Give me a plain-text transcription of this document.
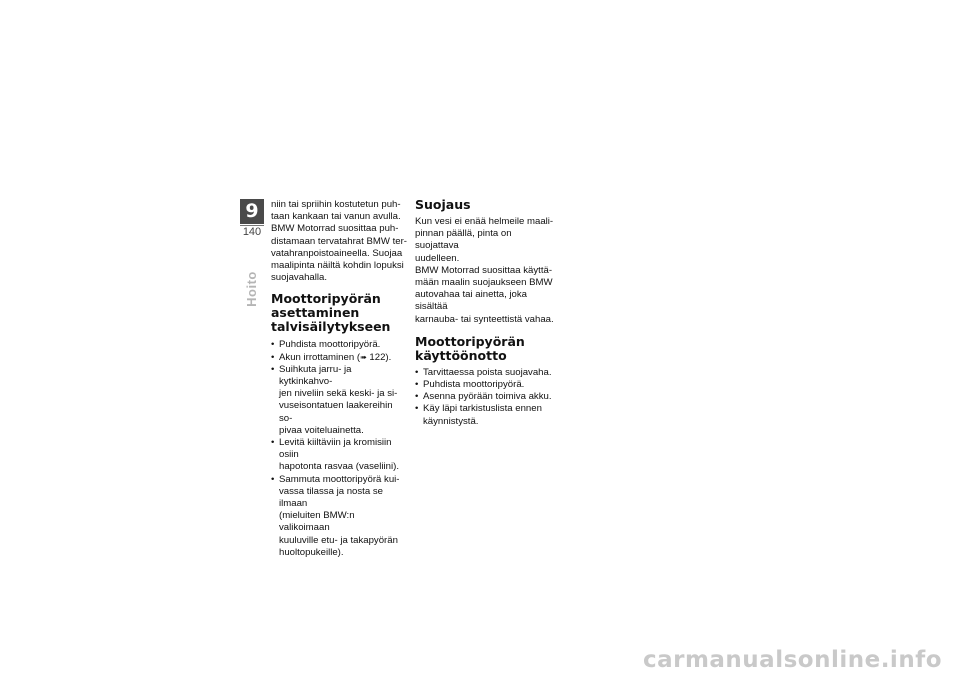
9
140
Hoito

niin tai spriihin kostutetun puh-
taan kankaan tai vanun avulla.
BMW Motorrad suosittaa puh-
distamaan tervatahrat BMW ter-
vatahranpoistoaineella. Suojaa
maalipinta näiltä kohdin lopuksi
suojavahalla.

Moottoripyörän
asettaminen
talvisäilytykseen
• Puhdista moottoripyörä.
• Akun irrottaminen (➠ 122).
• Suihkuta jarru- ja kytkinkahvo-
jen niveliin sekä keski- ja si-
vuseisontatuen laakereihin so-
pivaa voiteluainetta.
• Levitä kiiltäviin ja kromisiin osiin
hapotonta rasvaa (vaseliini).
• Sammuta moottoripyörä kui-
vassa tilassa ja nosta se ilmaan
(mieluiten BMW:n valikoimaan
kuuluville etu- ja takapyörän
huoltopukeille).
Suojaus

Kun vesi ei enää helmeile maali-
pinnan päällä, pinta on suojattava
uudelleen.
BMW Motorrad suosittaa käyttä-
mään maalin suojaukseen BMW
autovahaa tai ainetta, joka sisältää
karnauba- tai synteettistä vahaa.

Moottoripyörän
käyttöönotto
• Tarvittaessa poista suojavaha.
• Puhdista moottoripyörä.
• Asenna pyörään toimiva akku.
• Käy läpi tarkistuslista ennen
käynnistystä.
carmanualsonline.info
